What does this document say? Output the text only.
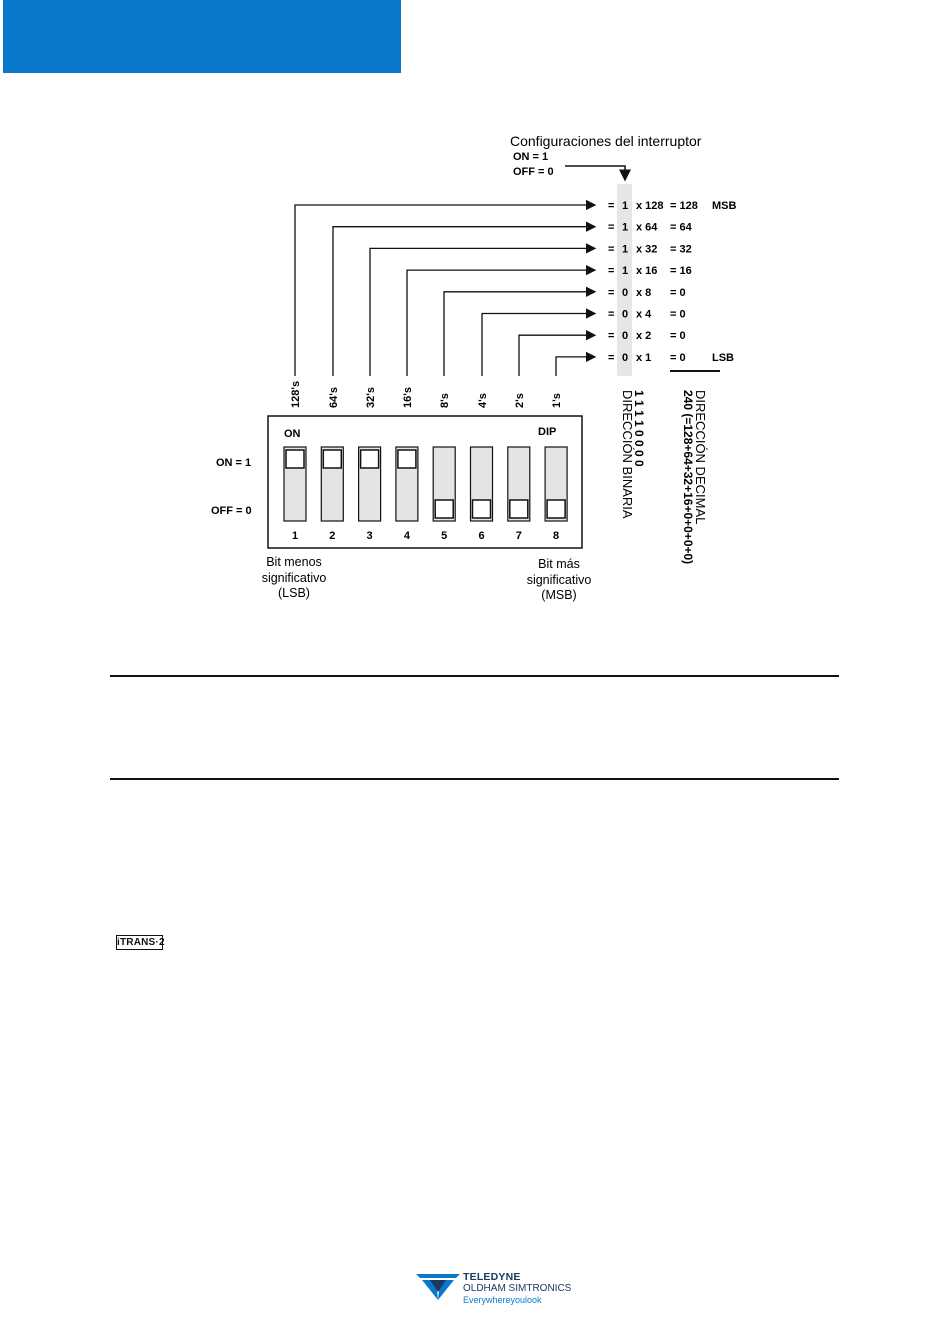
Configuraciones del interruptor
ON = 1
OFF = 0
= 1 x 128 = 128 MSB
128's
= 1 x 64 = 64
64's
= 1 x 32 = 32
32's
= 1 x 16 = 16
16's
= 0 x 8 = 0
8's
= 0 x 4 = 0
4's
= 0 x 2 = 0
2's
= 0 x 1 = 0 LSB
1's	DIRECCIÓN BINARIA
1 1 1 1 0 0 0 0	DIRECCIÓN DECIMAL
240 (=128+64+32+16+0+0+0+0)
ON	DIP
1	2	3	4	5	6	7	8
ON = 1
OFF = 0
Bit menos
significativo
(LSB)
Bit más
significativo
(MSB)
iTRANS·2
TELEDYNE
OLDHAM SIMTRONICS
Everywhereyoulook
